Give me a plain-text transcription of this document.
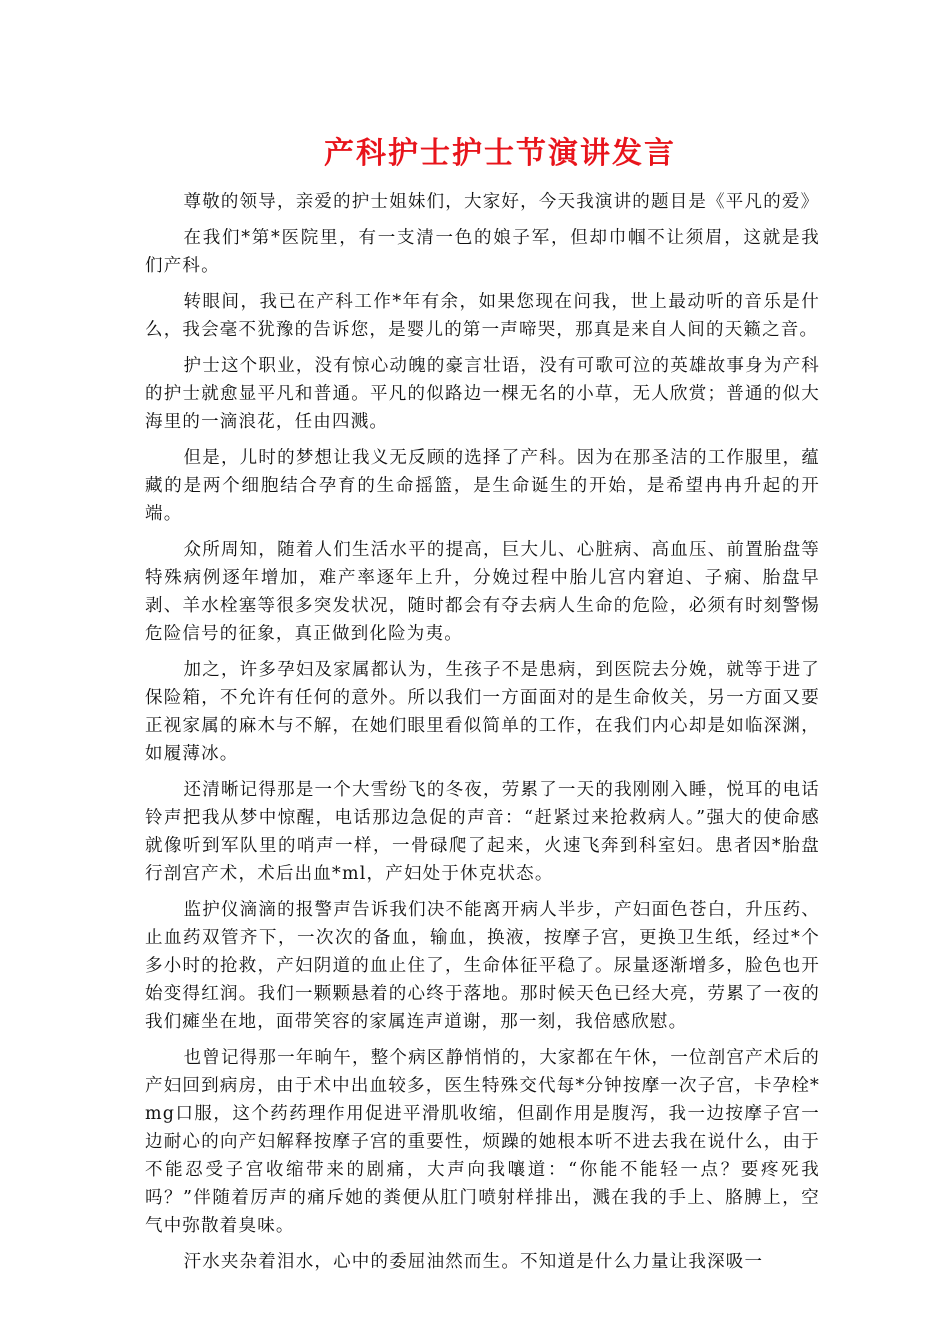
产科护士护士节演讲发言

尊敬的领导，亲爱的护士姐妹们，大家好，今天我演讲的题目是《平凡的爱》

在我们*第*医院里，有一支清一色的娘子军，但却巾帼不让须眉，这就是我们产科。

转眼间，我已在产科工作*年有余，如果您现在问我，世上最动听的音乐是什么，我会毫不犹豫的告诉您，是婴儿的第一声啼哭，那真是来自人间的天籁之音。

护士这个职业，没有惊心动魄的豪言壮语，没有可歌可泣的英雄故事身为产科的护士就愈显平凡和普通。平凡的似路边一棵无名的小草，无人欣赏；普通的似大海里的一滴浪花，任由四溅。

但是，儿时的梦想让我义无反顾的选择了产科。因为在那圣洁的工作服里，蕴藏的是两个细胞结合孕育的生命摇篮，是生命诞生的开始，是希望冉冉升起的开端。

众所周知，随着人们生活水平的提高，巨大儿、心脏病、高血压、前置胎盘等特殊病例逐年增加，难产率逐年上升，分娩过程中胎儿宫内窘迫、子痫、胎盘早剥、羊水栓塞等很多突发状况，随时都会有夺去病人生命的危险，必须有时刻警惕危险信号的征象，真正做到化险为夷。

加之，许多孕妇及家属都认为，生孩子不是患病，到医院去分娩，就等于进了保险箱，不允许有任何的意外。所以我们一方面面对的是生命攸关，另一方面又要正视家属的麻木与不解，在她们眼里看似简单的工作，在我们内心却是如临深渊，如履薄冰。

还清晰记得那是一个大雪纷飞的冬夜，劳累了一天的我刚刚入睡，悦耳的电话铃声把我从梦中惊醒，电话那边急促的声音：“赶紧过来抢救病人。”强大的使命感就像听到军队里的哨声一样，一骨碌爬了起来，火速飞奔到科室妇。患者因*胎盘行剖宫产术，术后出血*ml，产妇处于休克状态。

监护仪滴滴的报警声告诉我们决不能离开病人半步，产妇面色苍白，升压药、止血药双管齐下，一次次的备血，输血，换液，按摩子宫，更换卫生纸，经过*个多小时的抢救，产妇阴道的血止住了，生命体征平稳了。尿量逐渐增多，脸色也开始变得红润。我们一颗颗悬着的心终于落地。那时候天色已经大亮，劳累了一夜的我们瘫坐在地，面带笑容的家属连声道谢，那一刻，我倍感欣慰。

也曾记得那一年晌午，整个病区静悄悄的，大家都在午休，一位剖宫产术后的产妇回到病房，由于术中出血较多，医生特殊交代每*分钟按摩一次子宫，卡孕栓*mg口服，这个药药理作用促进平滑肌收缩，但副作用是腹泻，我一边按摩子宫一边耐心的向产妇解释按摩子宫的重要性，烦躁的她根本听不进去我在说什么，由于不能忍受子宫收缩带来的剧痛，大声向我嚷道：“你能不能轻一点？要疼死我吗？”伴随着厉声的痛斥她的粪便从肛门喷射样排出，溅在我的手上、胳膊上，空气中弥散着臭味。

汗水夹杂着泪水，心中的委屈油然而生。不知道是什么力量让我深吸一
